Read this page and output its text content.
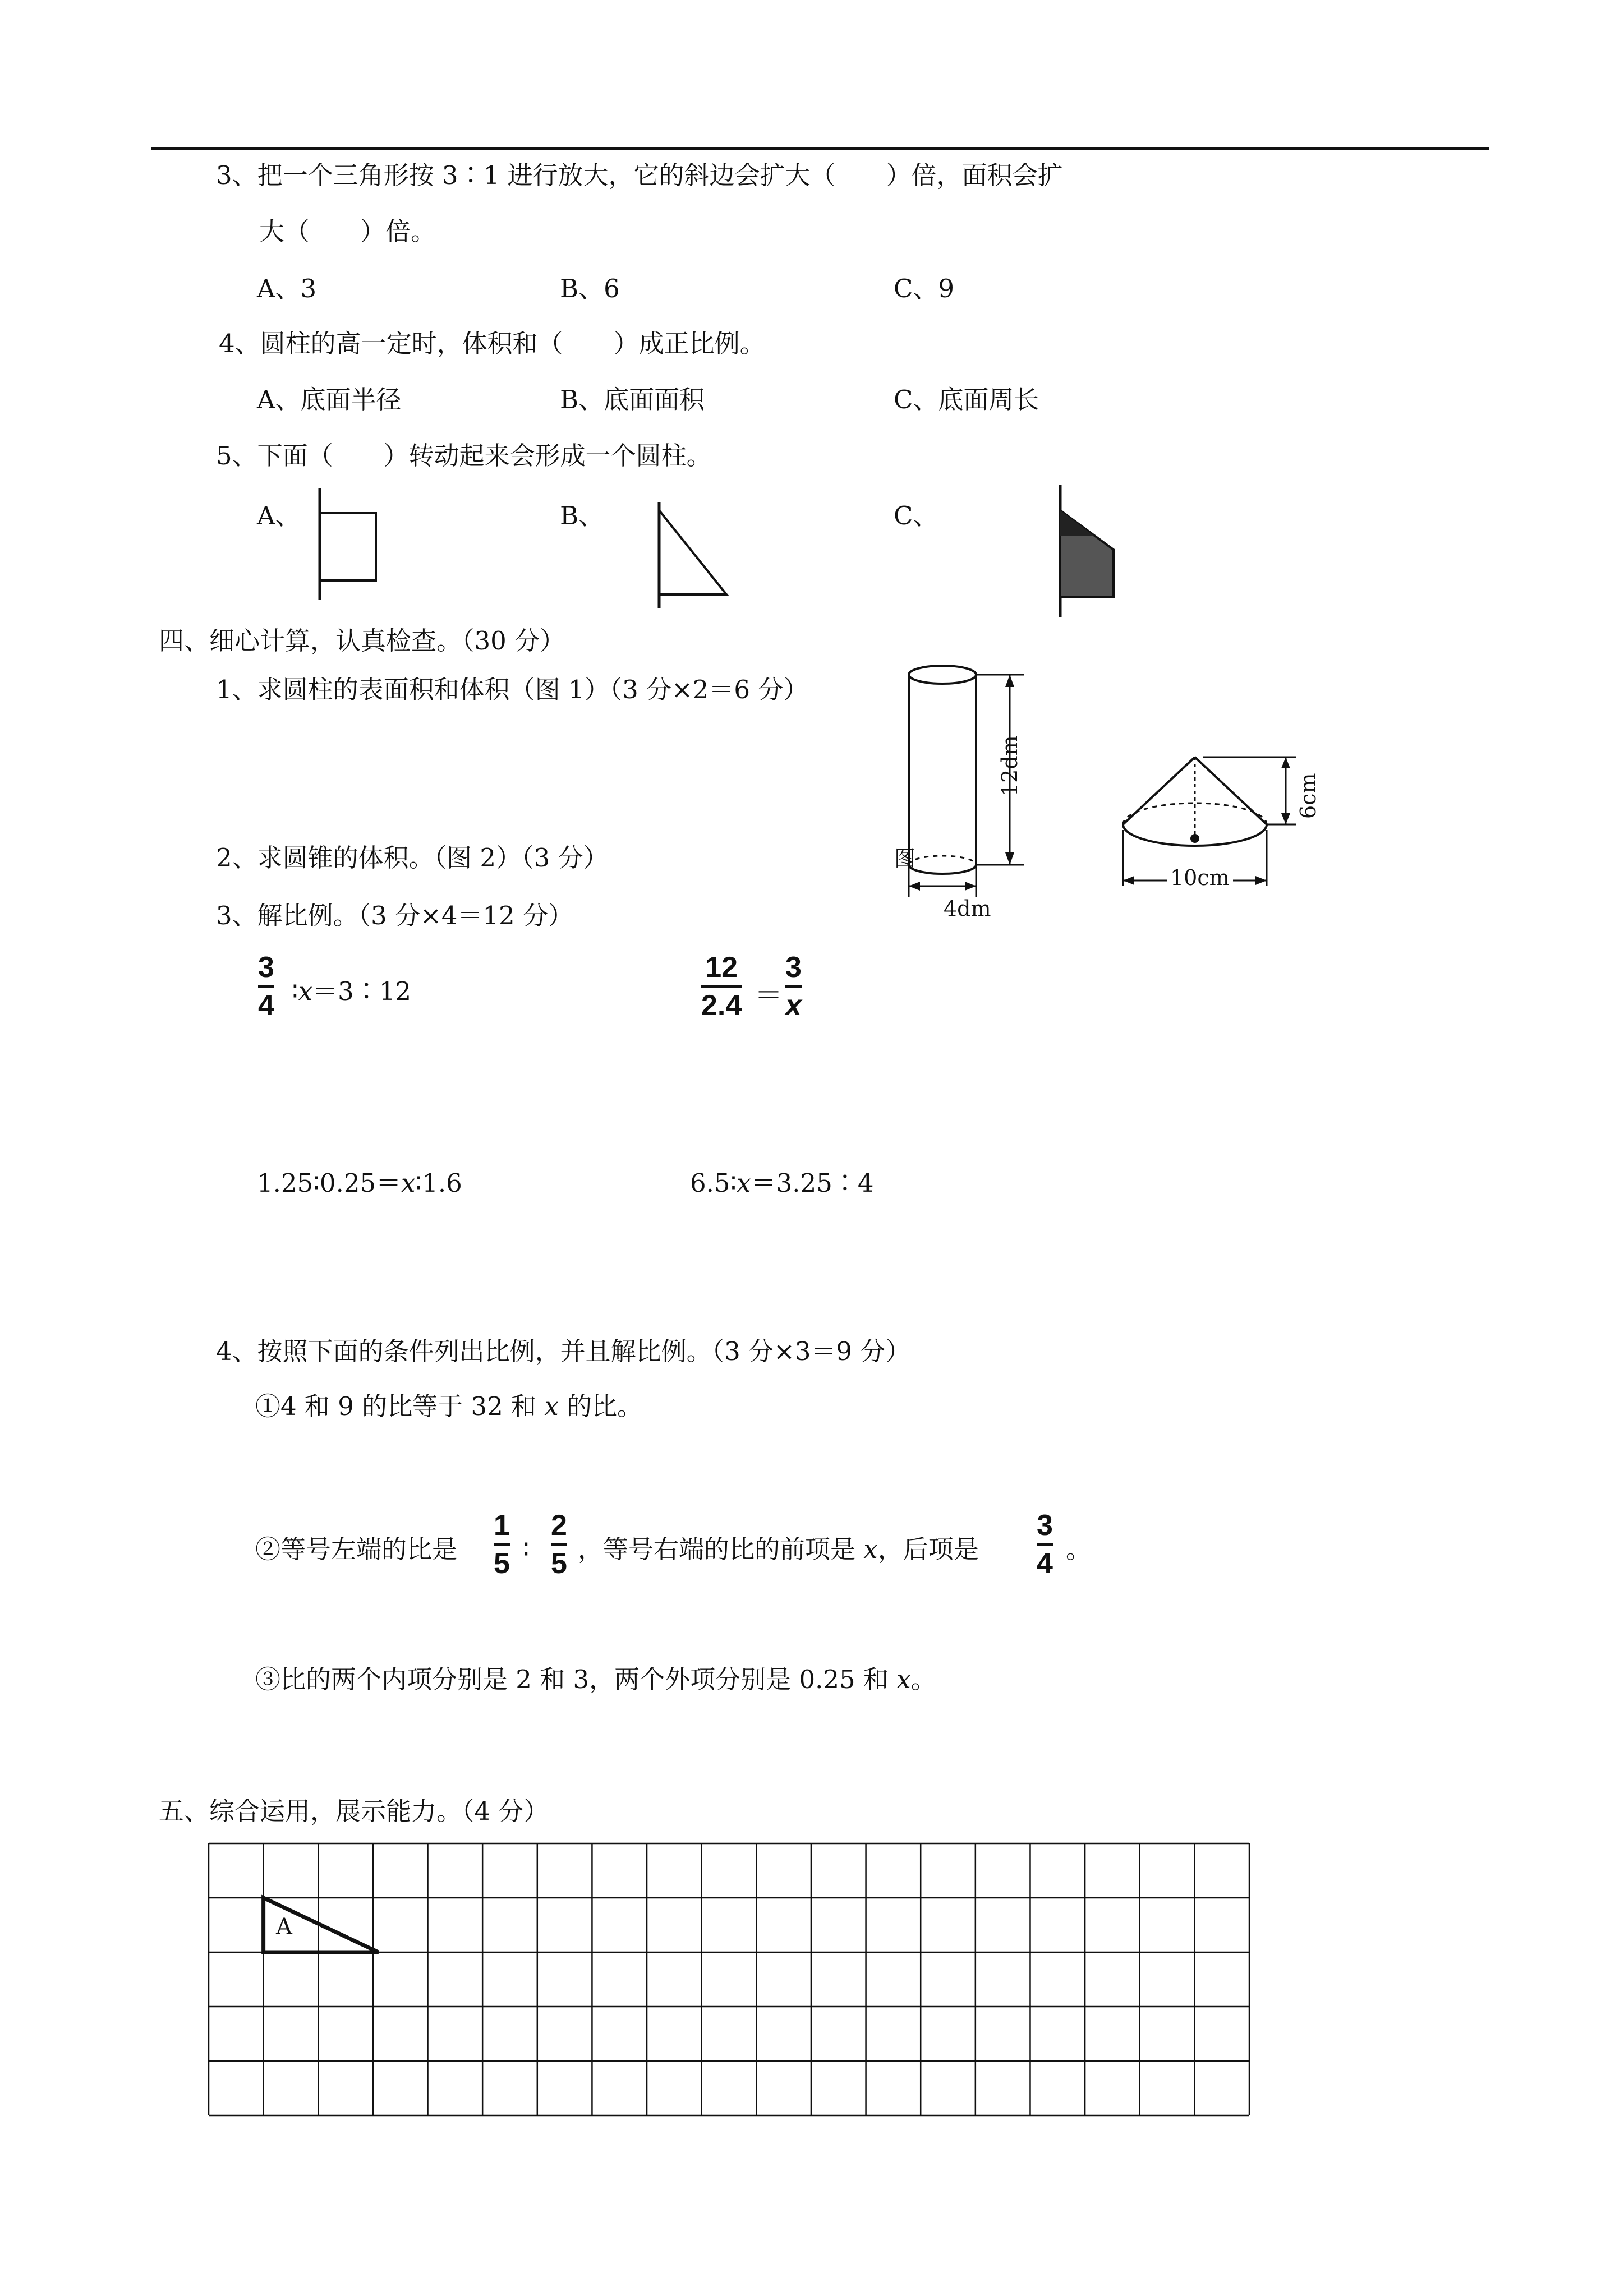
3、把一个三角形按 3∶1 进行放大，它的斜边会扩大（　　）倍，面积会扩
大（　　）倍。
A、3	B、6	C、9
4、圆柱的高一定时，体积和（　　）成正比例。
A、底面半径	B、底面面积	C、底面周长
5、下面（　　）转动起来会形成一个圆柱。
A、	B、	C、
四、细心计算，认真检查。（30 分）
1、求圆柱的表面积和体积（图 1）（3 分×2＝6 分）
2、求圆锥的体积。（图 2）（3 分）
3、解比例。（3 分×4＝12 分）
12dm
4dm
图
6cm
10cm
3
4 ∶x＝3∶12
12
2.4 ＝
3
x
1.25∶0.25＝x∶1.6	6.5∶x＝3.25∶4
4、按照下面的条件列出比例，并且解比例。（3 分×3＝9 分）
①4 和 9 的比等于 32 和 x 的比。
②等号左端的比是
1
5 ∶
2
5 ，等号右端的比的前项是 x，后项是
3
4 。
③比的两个内项分别是 2 和 3，两个外项分别是 0.25 和 x。
五、综合运用，展示能力。（4 分）
A
